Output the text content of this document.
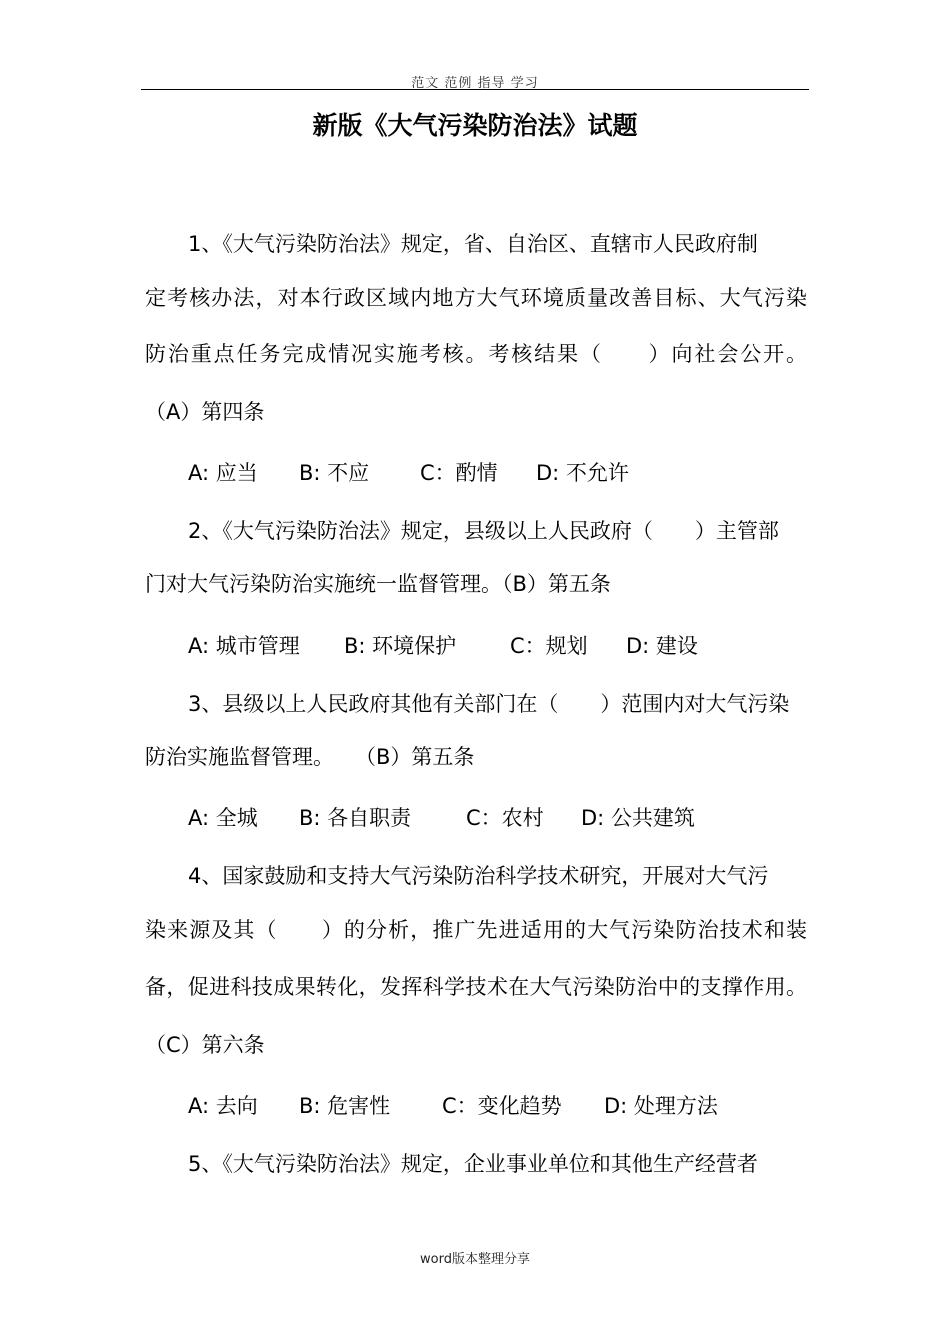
范文 范例 指导 学习
新版《大气污染防治法》试题
1、《大气污染防治法》规定，省、自治区、直辖市人民政府制
定考核办法，对本行政区域内地方大气环境质量改善目标、大气污染
防治重点任务完成情况实施考核。考核结果（　　）向社会公开。
（A）第四条
A: 应当 B: 不应 C：酌情 D: 不允许
2、《大气污染防治法》规定，县级以上人民政府（　　）主管部
门对大气污染防治实施统一监督管理。（B）第五条
A: 城市管理 B: 环境保护	C：规划 D: 建设
3、县级以上人民政府其他有关部门在（　　）范围内对大气污染
防治实施监督管理。　　（B）第五条
A: 全城 B: 各自职责	C：农村 D: 公共建筑
4、国家鼓励和支持大气污染防治科学技术研究，开展对大气污
染来源及其（　　）的分析，推广先进适用的大气污染防治技术和装
备，促进科技成果转化，发挥科学技术在大气污染防治中的支撑作用。
（C）第六条
A: 去向 B: 危害性 C：变化趋势 D: 处理方法
5、《大气污染防治法》规定，企业事业单位和其他生产经营者
word版本整理分享
